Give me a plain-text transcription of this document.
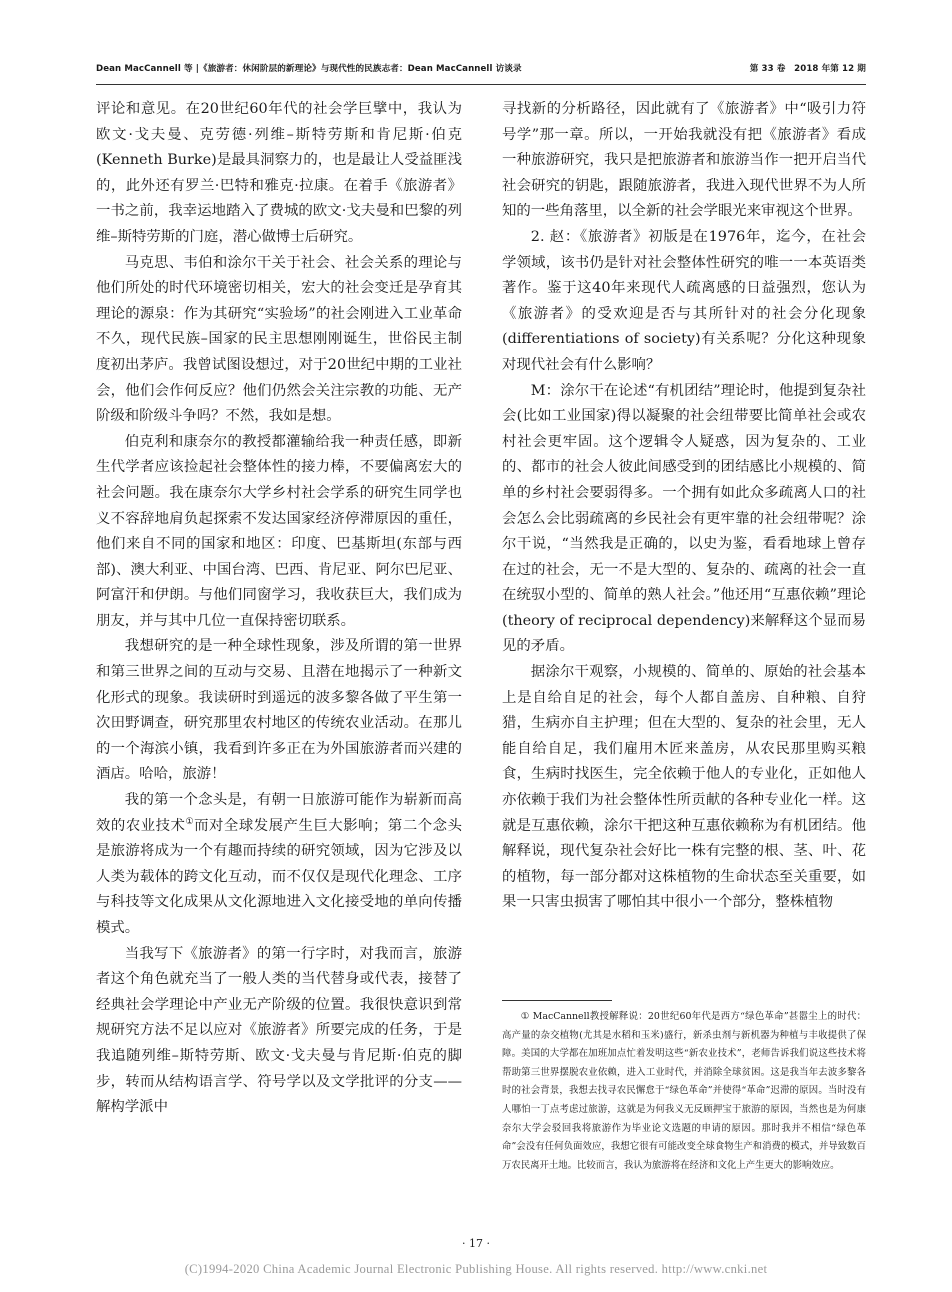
Dean MacCannell 等 |《旅游者：休闲阶层的新理论》与现代性的民族志者：Dean MacCannell 访谈录	第 33 卷　2018 年第 12 期

评论和意见。在20世纪60年代的社会学巨擘中，我认为欧文·戈夫曼、克劳德·列维–斯特劳斯和肯尼斯·伯克(Kenneth Burke)是最具洞察力的，也是最让人受益匪浅的，此外还有罗兰·巴特和雅克·拉康。在着手《旅游者》一书之前，我幸运地踏入了费城的欧文·戈夫曼和巴黎的列维–斯特劳斯的门庭，潜心做博士后研究。

马克思、韦伯和涂尔干关于社会、社会关系的理论与他们所处的时代环境密切相关，宏大的社会变迁是孕育其理论的源泉：作为其研究“实验场”的社会刚进入工业革命不久，现代民族–国家的民主思想刚刚诞生，世俗民主制度初出茅庐。我曾试图设想过，对于20世纪中期的工业社会，他们会作何反应？他们仍然会关注宗教的功能、无产阶级和阶级斗争吗？不然，我如是想。

伯克利和康奈尔的教授都灌输给我一种责任感，即新生代学者应该捡起社会整体性的接力棒，不要偏离宏大的社会问题。我在康奈尔大学乡村社会学系的研究生同学也义不容辞地肩负起探索不发达国家经济停滞原因的重任，他们来自不同的国家和地区：印度、巴基斯坦(东部与西部)、澳大利亚、中国台湾、巴西、肯尼亚、阿尔巴尼亚、阿富汗和伊朗。与他们同窗学习，我收获巨大，我们成为朋友，并与其中几位一直保持密切联系。

我想研究的是一种全球性现象，涉及所谓的第一世界和第三世界之间的互动与交易、且潜在地揭示了一种新文化形式的现象。我读研时到遥远的波多黎各做了平生第一次田野调查，研究那里农村地区的传统农业活动。在那儿的一个海滨小镇，我看到许多正在为外国旅游者而兴建的酒店。哈哈，旅游！

我的第一个念头是，有朝一日旅游可能作为崭新而高效的农业技术①而对全球发展产生巨大影响；第二个念头是旅游将成为一个有趣而持续的研究领域，因为它涉及以人类为载体的跨文化互动，而不仅仅是现代化理念、工序与科技等文化成果从文化源地进入文化接受地的单向传播模式。

当我写下《旅游者》的第一行字时，对我而言，旅游者这个角色就充当了一般人类的当代替身或代表，接替了经典社会学理论中产业无产阶级的位置。我很快意识到常规研究方法不足以应对《旅游者》所要完成的任务，于是我追随列维–斯特劳斯、欧文·戈夫曼与肯尼斯·伯克的脚步，转而从结构语言学、符号学以及文学批评的分支——解构学派中

寻找新的分析路径，因此就有了《旅游者》中“吸引力符号学”那一章。所以，一开始我就没有把《旅游者》看成一种旅游研究，我只是把旅游者和旅游当作一把开启当代社会研究的钥匙，跟随旅游者，我进入现代世界不为人所知的一些角落里，以全新的社会学眼光来审视这个世界。

2. 赵：《旅游者》初版是在1976年，迄今，在社会学领域，该书仍是针对社会整体性研究的唯一一本英语类著作。鉴于这40年来现代人疏离感的日益强烈，您认为《旅游者》的受欢迎是否与其所针对的社会分化现象(differentiations of society)有关系呢？分化这种现象对现代社会有什么影响？

M：涂尔干在论述“有机团结”理论时，他提到复杂社会(比如工业国家)得以凝聚的社会纽带要比简单社会或农村社会更牢固。这个逻辑令人疑惑，因为复杂的、工业的、都市的社会人彼此间感受到的团结感比小规模的、简单的乡村社会要弱得多。一个拥有如此众多疏离人口的社会怎么会比弱疏离的乡民社会有更牢靠的社会纽带呢？涂尔干说，“当然我是正确的，以史为鉴，看看地球上曾存在过的社会，无一不是大型的、复杂的、疏离的社会一直在统驭小型的、简单的熟人社会。”他还用“互惠依赖”理论(theory of reciprocal dependency)来解释这个显而易见的矛盾。

据涂尔干观察，小规模的、简单的、原始的社会基本上是自给自足的社会，每个人都自盖房、自种粮、自狩猎，生病亦自主护理；但在大型的、复杂的社会里，无人能自给自足，我们雇用木匠来盖房，从农民那里购买粮食，生病时找医生，完全依赖于他人的专业化，正如他人亦依赖于我们为社会整体性所贡献的各种专业化一样。这就是互惠依赖，涂尔干把这种互惠依赖称为有机团结。他解释说，现代复杂社会好比一株有完整的根、茎、叶、花的植物，每一部分都对这株植物的生命状态至关重要，如果一只害虫损害了哪怕其中很小一个部分，整株植物

① MacCannell教授解释说：20世纪60年代是西方“绿色革命”甚嚣尘上的时代：高产量的杂交植物(尤其是水稻和玉米)盛行，新杀虫剂与新机器为种植与丰收提供了保障。美国的大学都在加班加点忙着发明这些“新农业技术”，老师告诉我们说这些技术将帮助第三世界摆脱农业依赖，进入工业时代，并消除全球贫困。这是我当年去波多黎各时的社会背景，我想去找寻农民懈怠于“绿色革命”并使得“革命”迟滞的原因。当时没有人哪怕一丁点考虑过旅游，这就是为何我义无反顾押宝于旅游的原因，当然也是为何康奈尔大学会驳回我将旅游作为毕业论文选题的申请的原因。那时我并不相信“绿色革命”会没有任何负面效应，我想它很有可能改变全球食物生产和消费的模式，并导致数百万农民离开土地。比较而言，我认为旅游将在经济和文化上产生更大的影响效应。

· 17 ·
(C)1994-2020 China Academic Journal Electronic Publishing House. All rights reserved. http://www.cnki.net
